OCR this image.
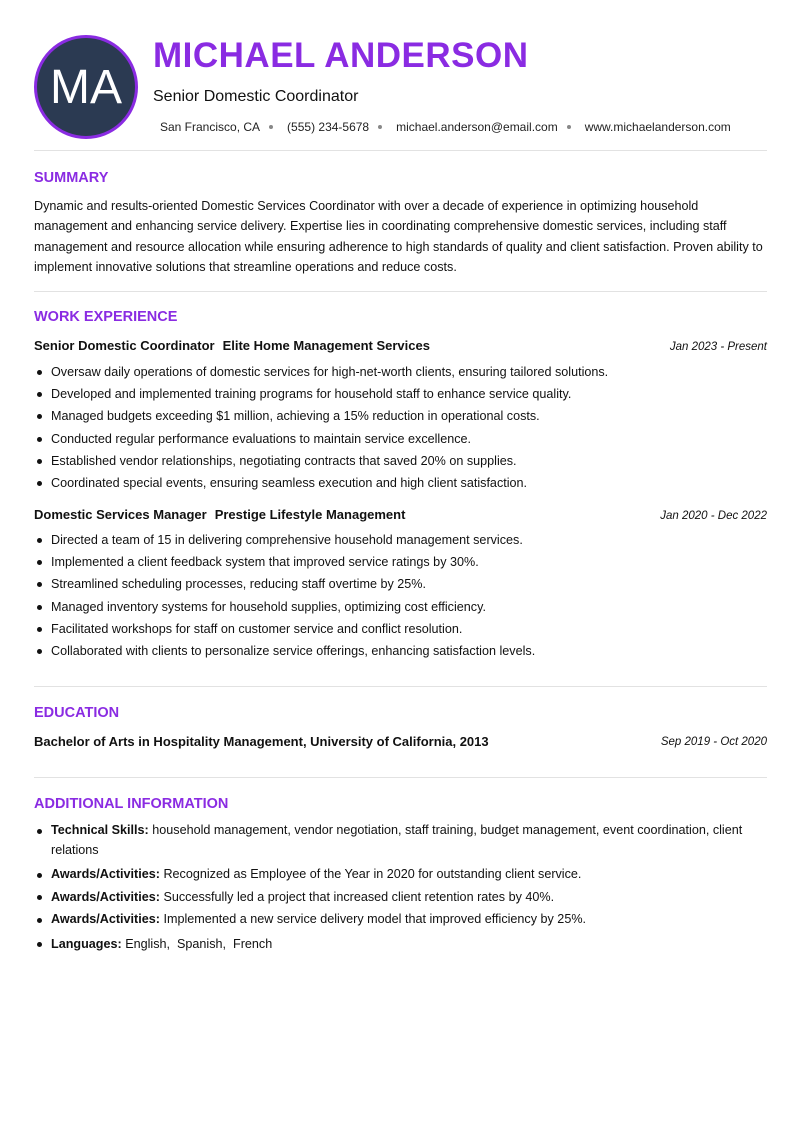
MA
MICHAEL ANDERSON
Senior Domestic Coordinator
San Francisco, CA (555) 234-5678 michael.anderson@email.com www.michaelanderson.com
SUMMARY
Dynamic and results-oriented Domestic Services Coordinator with over a decade of experience in optimizing household management and enhancing service delivery. Expertise lies in coordinating comprehensive domestic services, including staff management and resource allocation while ensuring adherence to high standards of quality and client satisfaction. Proven ability to implement innovative solutions that streamline operations and reduce costs.
WORK EXPERIENCE
Senior Domestic Coordinator Elite Home Management Services	Jan 2023 - Present
Oversaw daily operations of domestic services for high-net-worth clients, ensuring tailored solutions.
Developed and implemented training programs for household staff to enhance service quality.
Managed budgets exceeding $1 million, achieving a 15% reduction in operational costs.
Conducted regular performance evaluations to maintain service excellence.
Established vendor relationships, negotiating contracts that saved 20% on supplies.
Coordinated special events, ensuring seamless execution and high client satisfaction.
Domestic Services Manager Prestige Lifestyle Management	Jan 2020 - Dec 2022
Directed a team of 15 in delivering comprehensive household management services.
Implemented a client feedback system that improved service ratings by 30%.
Streamlined scheduling processes, reducing staff overtime by 25%.
Managed inventory systems for household supplies, optimizing cost efficiency.
Facilitated workshops for staff on customer service and conflict resolution.
Collaborated with clients to personalize service offerings, enhancing satisfaction levels.
EDUCATION
Bachelor of Arts in Hospitality Management, University of California, 2013	Sep 2019 - Oct 2020
ADDITIONAL INFORMATION
Technical Skills: household management, vendor negotiation, staff training, budget management, event coordination, client relations
Awards/Activities: Recognized as Employee of the Year in 2020 for outstanding client service.
Awards/Activities: Successfully led a project that increased client retention rates by 40%.
Awards/Activities: Implemented a new service delivery model that improved efficiency by 25%.
Languages: English,  Spanish,  French
